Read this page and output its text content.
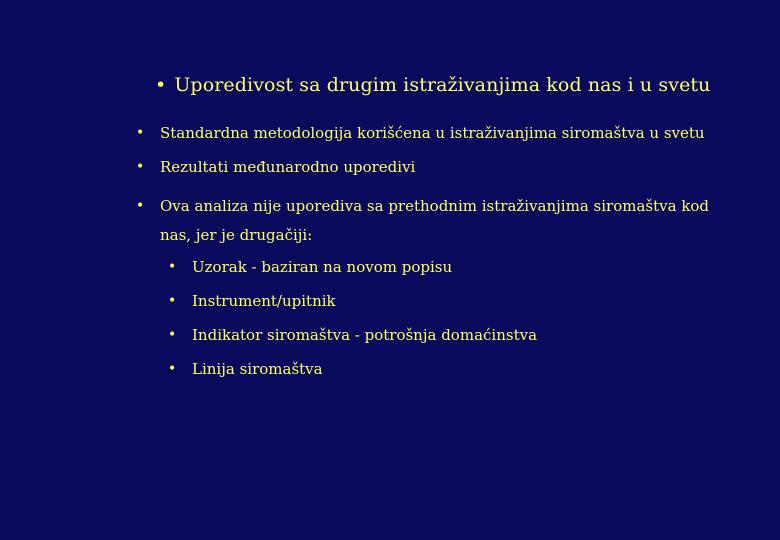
• Uporedivost sa drugim istraživanjima kod nas i u svetu
• Standardna metodologija korišćena u istraživanjima siromaštva u svetu
• Rezultati međunarodno uporedivi
• Ova analiza nije uporediva sa prethodnim istraživanjima siromaštva kod nas, jer je drugačiji:
• Uzorak - baziran na novom popisu
• Instrument/upitnik
• Indikator siromaštva - potrošnja domaćinstva
• Linija siromaštva
